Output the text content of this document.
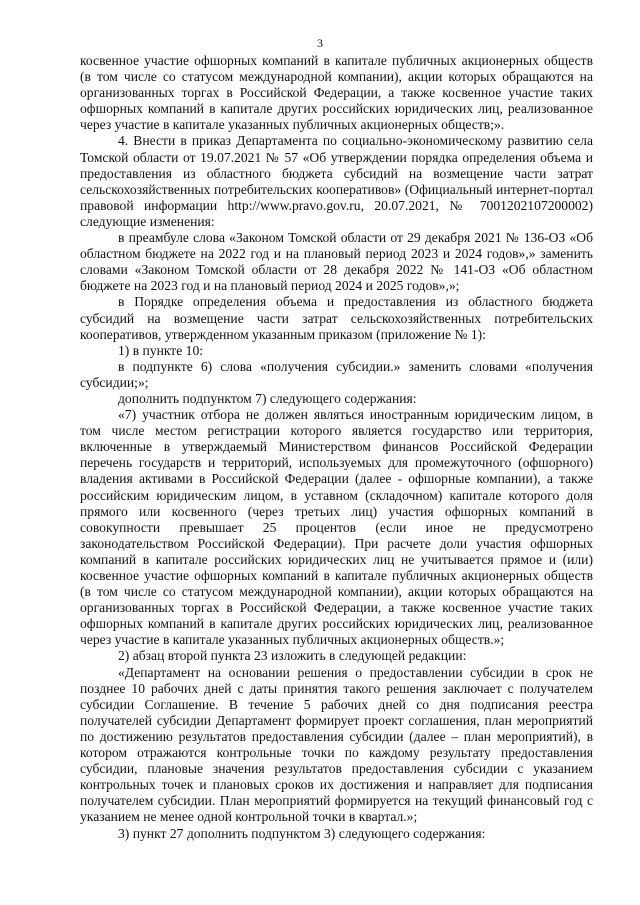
3

косвенное участие офшорных компаний в капитале публичных акционерных обществ (в том числе со статусом международной компании), акции которых обращаются на организованных торгах в Российской Федерации, а также косвенное участие таких офшорных компаний в капитале других российских юридических лиц, реализованное через участие в капитале указанных публичных акционерных обществ;».

4. Внести в приказ Департамента по социально-экономическому развитию села Томской области от 19.07.2021 № 57 «Об утверждении порядка определения объема и предоставления из областного бюджета субсидий на возмещение части затрат сельскохозяйственных потребительских кооперативов» (Официальный интернет-портал правовой информации http://www.pravo.gov.ru, 20.07.2021, № 7001202107200002) следующие изменения:

в преамбуле слова «Законом Томской области от 29 декабря 2021 № 136-ОЗ «Об областном бюджете на 2022 год и на плановый период 2023 и 2024 годов»,» заменить словами «Законом Томской области от 28 декабря 2022 № 141-ОЗ «Об областном бюджете на 2023 год и на плановый период 2024 и 2025 годов»,»;

в Порядке определения объема и предоставления из областного бюджета субсидий на возмещение части затрат сельскохозяйственных потребительских кооперативов, утвержденном указанным приказом (приложение № 1):

1) в пункте 10:

в подпункте 6) слова «получения субсидии.» заменить словами «получения субсидии;»;

дополнить подпунктом 7) следующего содержания:

«7) участник отбора не должен являться иностранным юридическим лицом, в том числе местом регистрации которого является государство или территория, включенные в утверждаемый Министерством финансов Российской Федерации перечень государств и территорий, используемых для промежуточного (офшорного) владения активами в Российской Федерации (далее - офшорные компании), а также российским юридическим лицом, в уставном (складочном) капитале которого доля прямого или косвенного (через третьих лиц) участия офшорных компаний в совокупности превышает 25 процентов (если иное не предусмотрено законодательством Российской Федерации). При расчете доли участия офшорных компаний в капитале российских юридических лиц не учитывается прямое и (или) косвенное участие офшорных компаний в капитале публичных акционерных обществ (в том числе со статусом международной компании), акции которых обращаются на организованных торгах в Российской Федерации, а также косвенное участие таких офшорных компаний в капитале других российских юридических лиц, реализованное через участие в капитале указанных публичных акционерных обществ.»;

2) абзац второй пункта 23 изложить в следующей редакции:

«Департамент на основании решения о предоставлении субсидии в срок не позднее 10 рабочих дней с даты принятия такого решения заключает с получателем субсидии Соглашение. В течение 5 рабочих дней со дня подписания реестра получателей субсидии Департамент формирует проект соглашения, план мероприятий по достижению результатов предоставления субсидии (далее – план мероприятий), в котором отражаются контрольные точки по каждому результату предоставления субсидии, плановые значения результатов предоставления субсидии с указанием контрольных точек и плановых сроков их достижения и направляет для подписания получателем субсидии. План мероприятий формируется на текущий финансовый год с указанием не менее одной контрольной точки в квартал.»;

3) пункт 27 дополнить подпунктом 3) следующего содержания:
